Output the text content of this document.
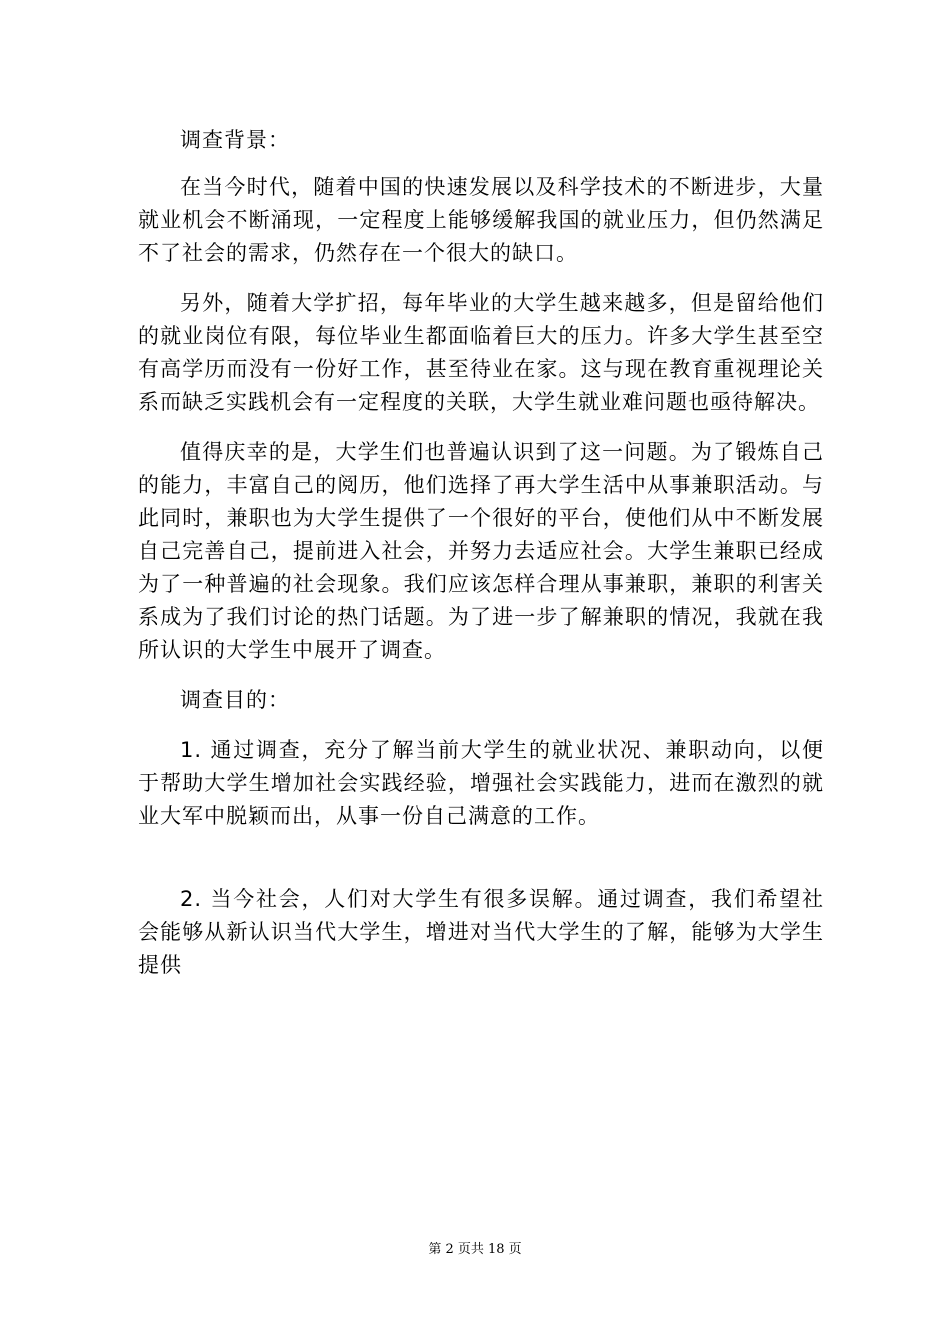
调查背景：

在当今时代，随着中国的快速发展以及科学技术的不断进步，大量就业机会不断涌现，一定程度上能够缓解我国的就业压力，但仍然满足不了社会的需求，仍然存在一个很大的缺口。

另外，随着大学扩招，每年毕业的大学生越来越多，但是留给他们的就业岗位有限，每位毕业生都面临着巨大的压力。许多大学生甚至空有高学历而没有一份好工作，甚至待业在家。这与现在教育重视理论关系而缺乏实践机会有一定程度的关联，大学生就业难问题也亟待解决。

值得庆幸的是，大学生们也普遍认识到了这一问题。为了锻炼自己的能力，丰富自己的阅历，他们选择了再大学生活中从事兼职活动。与此同时，兼职也为大学生提供了一个很好的平台，使他们从中不断发展自己完善自己，提前进入社会，并努力去适应社会。大学生兼职已经成为了一种普遍的社会现象。我们应该怎样合理从事兼职，兼职的利害关系成为了我们讨论的热门话题。为了进一步了解兼职的情况，我就在我所认识的大学生中展开了调查。

调查目的：

1. 通过调查，充分了解当前大学生的就业状况、兼职动向，以便于帮助大学生增加社会实践经验，增强社会实践能力，进而在激烈的就业大军中脱颖而出，从事一份自己满意的工作。

2. 当今社会，人们对大学生有很多误解。通过调查，我们希望社会能够从新认识当代大学生，增进对当代大学生的了解，能够为大学生提供

第 2 页共 18 页
